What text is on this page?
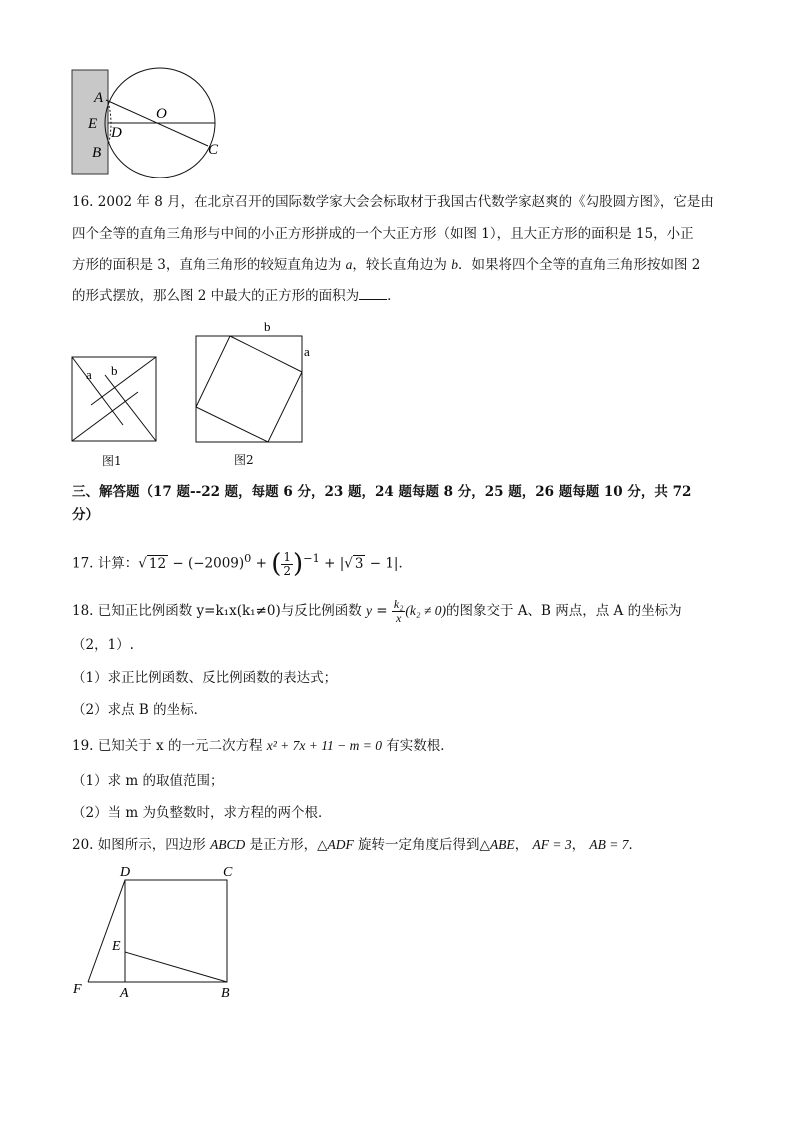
A
E
D
B
O
C
16. 2002 年 8 月，在北京召开的国际数学家大会会标取材于我国古代数学家赵爽的《勾股圆方图》，它是由
四个全等的直角三角形与中间的小正方形拼成的一个大正方形（如图 1），且大正方形的面积是 15，小正
方形的面积是 3，直角三角形的较短直角边为 a，较长直角边为 b．如果将四个全等的直角三角形按如图 2
的形式摆放，那么图 2 中最大的正方形的面积为 ．
a b
图1
b
a
图2
三、解答题（17 题--22 题，每题 6 分，23 题，24 题每题 8 分，25 题，26 题每题 10 分，共 72
分）
17. 计算：√ $12 - (-2009)^0$ + ( $\frac{1}{2} )^{-1}$ + |√ 3 − 1|．
18. 已知正比例函数 y=k₁x(k₁≠0)与反比例函数 $y = \frac{\text{k₂}}{x} (k_2 \ne 0)$的图象交于 A、B 两点，点 A 的坐标为
（2，1）.
（1）求正比例函数、反比例函数的表达式；
（2）求点 B 的坐标．
19. 已知关于 x 的一元二次方程 x² + 7x + 11 − m = 0 有实数根．
（1）求 m 的取值范围；
（2）当 m 为负整数时，求方程的两个根．
20. 如图所示，四边形 ABCD 是正方形，△ADF 旋转一定角度后得到△ABE， AF = 3， AB = 7．
D	C
E
F	A	B
